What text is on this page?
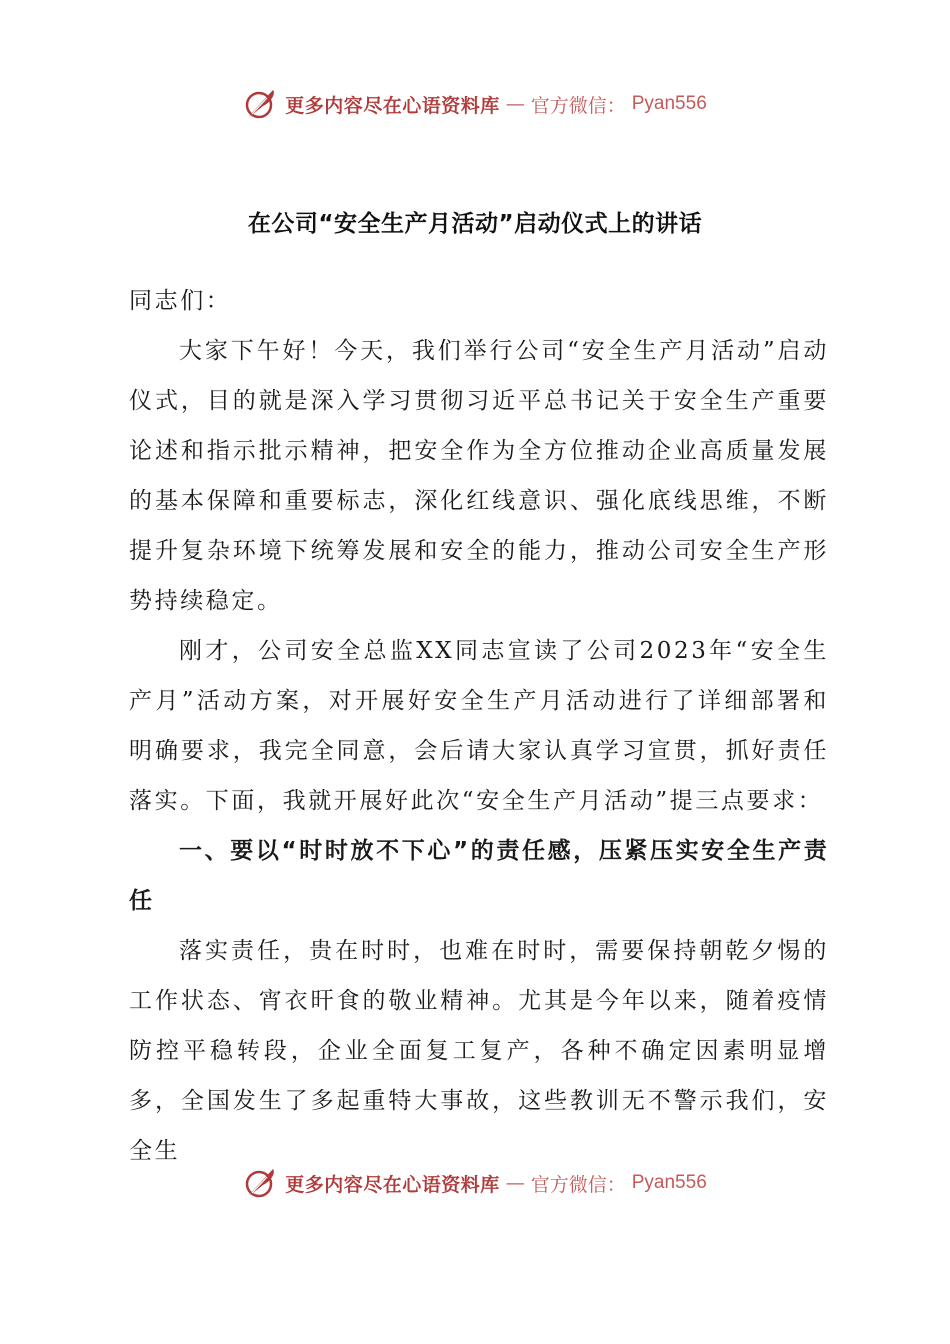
更多内容尽在心语资料库 — 官方微信： Pyan556
在公司“安全生产月活动”启动仪式上的讲话

同志们：

大家下午好！今天，我们举行公司“安全生产月活动”启动仪式，目的就是深入学习贯彻习近平总书记关于安全生产重要论述和指示批示精神，把安全作为全方位推动企业高质量发展的基本保障和重要标志，深化红线意识、强化底线思维，不断提升复杂环境下统筹发展和安全的能力，推动公司安全生产形势持续稳定。

刚才，公司安全总监XX同志宣读了公司2023年“安全生产月”活动方案，对开展好安全生产月活动进行了详细部署和明确要求，我完全同意，会后请大家认真学习宣贯，抓好责任落实。下面，我就开展好此次“安全生产月活动”提三点要求：

一、要以“时时放不下心”的责任感，压紧压实安全生产责任

落实责任，贵在时时，也难在时时，需要保持朝乾夕惕的工作状态、宵衣旰食的敬业精神。尤其是今年以来，随着疫情防控平稳转段，企业全面复工复产，各种不确定因素明显增多，全国发生了多起重特大事故，这些教训无不警示我们，安全生

更多内容尽在心语资料库 — 官方微信： Pyan556
